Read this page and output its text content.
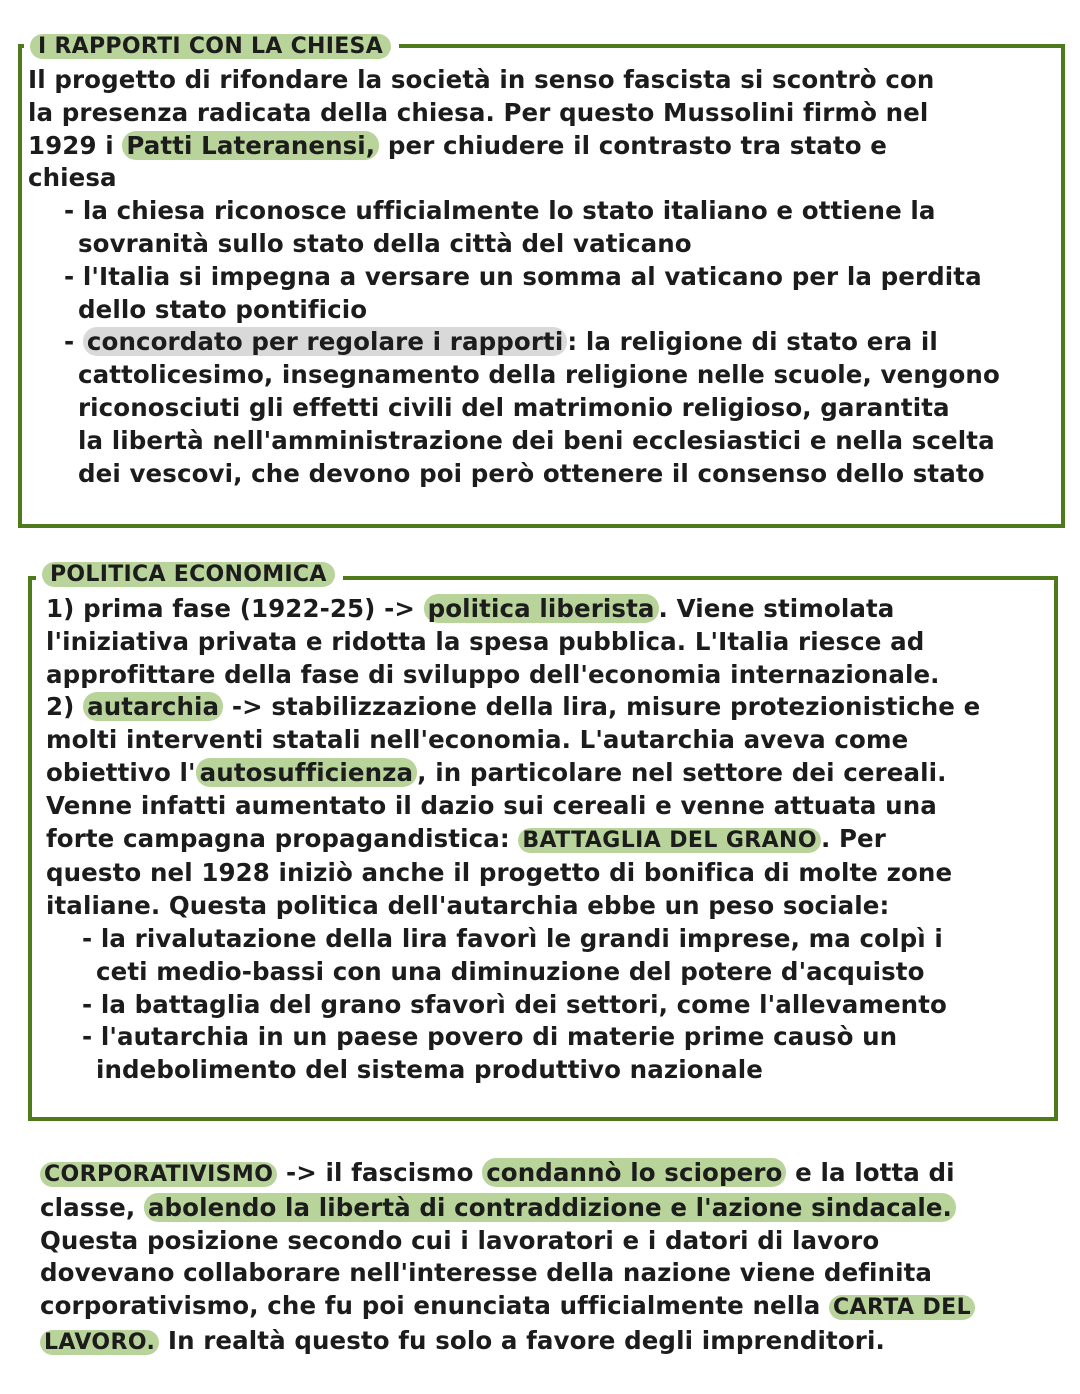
I RAPPORTI CON LA CHIESA
Il progetto di rifondare la società in senso fascista si scontrò con
la presenza radicata della chiesa. Per questo Mussolini firmò nel
1929 i Patti Lateranensi, per chiudere il contrasto tra stato e
chiesa
- la chiesa riconosce ufficialmente lo stato italiano e ottiene la
sovranità sullo stato della città del vaticano
- l'Italia si impegna a versare un somma al vaticano per la perdita
dello stato pontificio
- concordato per regolare i rapporti : la religione di stato era il
cattolicesimo, insegnamento della religione nelle scuole, vengono
riconosciuti gli effetti civili del matrimonio religioso, garantita
la libertà nell'amministrazione dei beni ecclesiastici e nella scelta
dei vescovi, che devono poi però ottenere il consenso dello stato
POLITICA ECONOMICA
1) prima fase (1922-25) -> politica liberista . Viene stimolata
l'iniziativa privata e ridotta la spesa pubblica. L'Italia riesce ad
approfittare della fase di sviluppo dell'economia internazionale.
2) autarchia -> stabilizzazione della lira, misure protezionistiche e
molti interventi statali nell'economia. L'autarchia aveva come
obiettivo l' autosufficienza , in particolare nel settore dei cereali.
Venne infatti aumentato il dazio sui cereali e venne attuata una
forte campagna propagandistica: BATTAGLIA DEL GRANO . Per
questo nel 1928 iniziò anche il progetto di bonifica di molte zone
italiane. Questa politica dell'autarchia ebbe un peso sociale:
- la rivalutazione della lira favorì le grandi imprese, ma colpì i
ceti medio-bassi con una diminuzione del potere d'acquisto
- la battaglia del grano sfavorì dei settori, come l'allevamento
- l'autarchia in un paese povero di materie prime causò un
indebolimento del sistema produttivo nazionale
CORPORATIVISMO -> il fascismo condannò lo sciopero e la lotta di
classe, abolendo la libertà di contraddizione e l'azione sindacale.
Questa posizione secondo cui i lavoratori e i datori di lavoro
dovevano collaborare nell'interesse della nazione viene definita
corporativismo, che fu poi enunciata ufficialmente nella CARTA DEL
LAVORO. In realtà questo fu solo a favore degli imprenditori.
